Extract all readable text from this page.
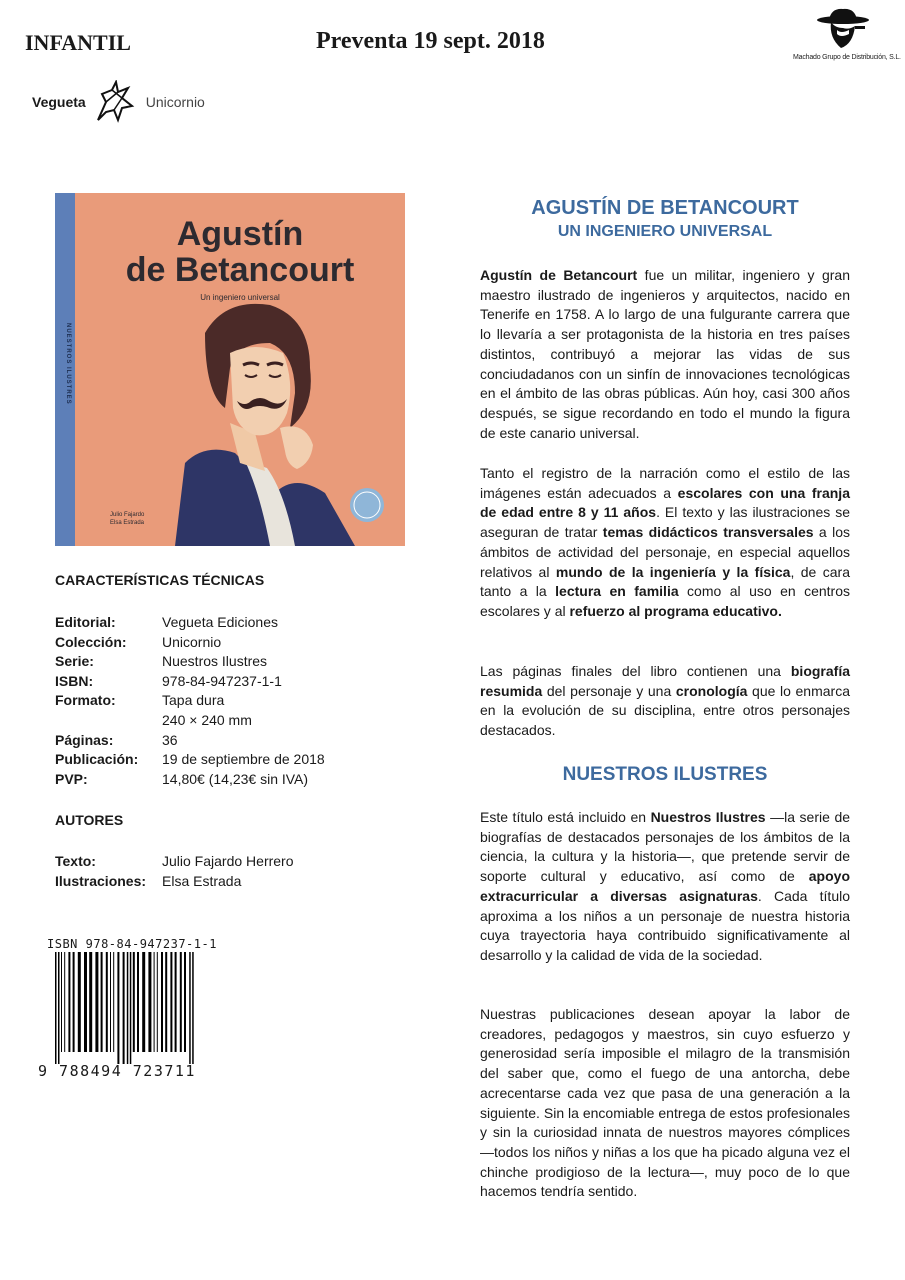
INFANTIL	Preventa 19 sept. 2018
Machado Grupo de Distribución, S.L.
Vegueta	Unicornio
NUESTROS ILUSTRES
Agustín
de Betancourt
Un ingeniero universal
Julio Fajardo
Elsa Estrada
CARACTERÍSTICAS TÉCNICAS
Editorial:	Vegueta Ediciones
Colección:	Unicornio
Serie:	Nuestros Ilustres
ISBN:	978-84-947237-1-1
Formato:	Tapa dura
240 × 240 mm
Páginas:	36
Publicación:	19 de septiembre de 2018
PVP:	14,80€ (14,23€ sin IVA)
AUTORES
Texto:	Julio Fajardo Herrero
Ilustraciones:	Elsa Estrada
ISBN 978-84-947237-1-1
9 788494 723711
AGUSTÍN DE BETANCOURT
UN INGENIERO UNIVERSAL

Agustín de Betancourt fue un militar, ingeniero y gran maestro ilustrado de ingenieros y arquitectos, nacido en Tenerife en 1758. A lo largo de una fulgurante carrera que lo llevaría a ser protagonista de la historia en tres países distintos, contribuyó a mejorar las vidas de sus conciudadanos con un sinfín de innovaciones tecnológicas en el ámbito de las obras públicas. Aún hoy, casi 300 años después, se sigue recordando en todo el mundo la figura de este canario universal.

Tanto el registro de la narración como el estilo de las imágenes están adecuados a escolares con una franja de edad entre 8 y 11 años. El texto y las ilustraciones se aseguran de tratar temas didácticos transversales a los ámbitos de actividad del personaje, en especial aquellos relativos al mundo de la ingeniería y la física, de cara tanto a la lectura en familia como al uso en centros escolares y al refuerzo al programa educativo.

Las páginas finales del libro contienen una biografía resumida del personaje y una cronología que lo enmarca en la evolución de su disciplina, entre otros personajes destacados.

NUESTROS ILUSTRES

Este título está incluido en Nuestros Ilustres —la serie de biografías de destacados personajes de los ámbitos de la ciencia, la cultura y la historia—, que pretende servir de soporte cultural y educativo, así como de apoyo extracurricular a diversas asignaturas. Cada título aproxima a los niños a un personaje de nuestra historia cuya trayectoria haya contribuido significativamente al desarrollo y la calidad de vida de la sociedad.

Nuestras publicaciones desean apoyar la labor de creadores, pedagogos y maestros, sin cuyo esfuerzo y generosidad sería imposible el milagro de la transmisión del saber que, como el fuego de una antorcha, debe acrecentarse cada vez que pasa de una generación a la siguiente. Sin la encomiable entrega de estos profesionales y sin la curiosidad innata de nuestros mayores cómplices —todos los niños y niñas a los que ha picado alguna vez el chinche prodigioso de la lectura—, muy poco de lo que hacemos tendría sentido.
